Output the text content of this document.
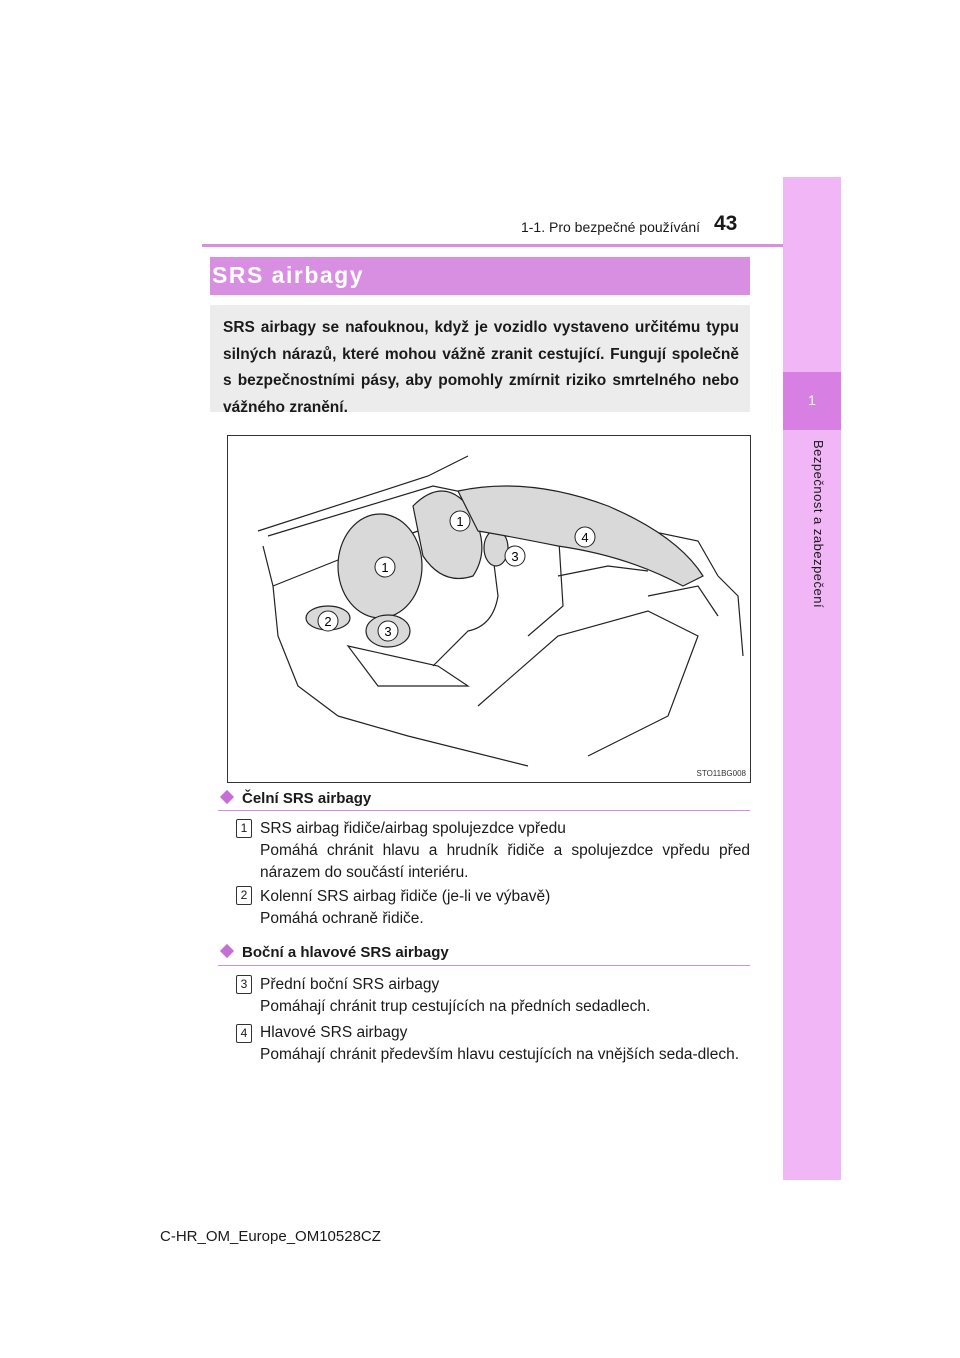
1-1. Pro bezpečné používání 43
1
Bezpečnost a zabezpečení
SRS airbagy
SRS airbagy se nafouknou, když je vozidlo vystaveno určitému typu silných nárazů, které mohou vážně zranit cestující. Fungují společně s bezpečnostními pásy, aby pomohly zmírnit riziko smrtelného nebo vážného zranění.
1
1
2
3
3
4
STO11BG008
Čelní SRS airbagy
1 SRS airbag řidiče/airbag spolujezdce vpředu
Pomáhá chránit hlavu a hrudník řidiče a spolujezdce vpředu před nárazem do součástí interiéru.
2 Kolenní SRS airbag řidiče (je-li ve výbavě)
Pomáhá ochraně řidiče.
Boční a hlavové SRS airbagy
3 Přední boční SRS airbagy
Pomáhají chránit trup cestujících na předních sedadlech.
4 Hlavové SRS airbagy
Pomáhají chránit především hlavu cestujících na vnějších seda-dlech.
C-HR_OM_Europe_OM10528CZ
